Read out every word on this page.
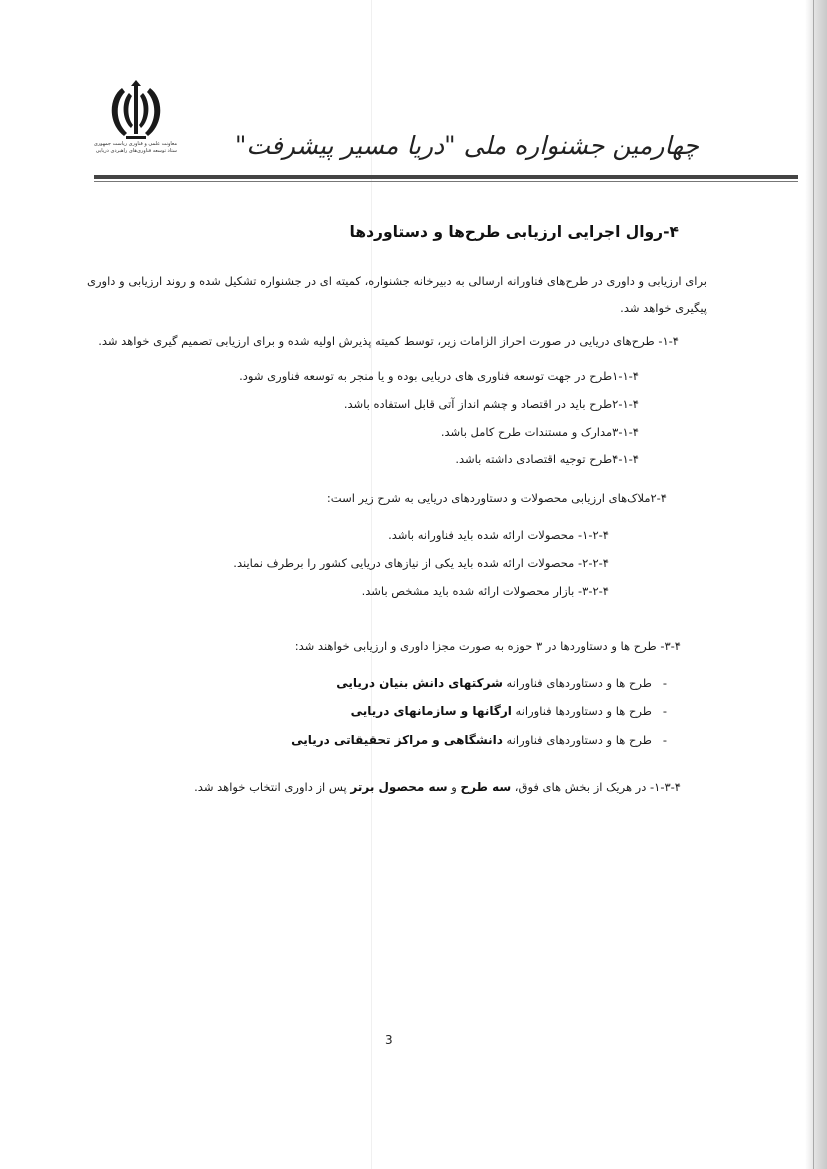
معاونت علمی و فناوری ریاست جمهوری
ستاد توسعه فناوری‌های راهبردی دریایی چهارمین جشنواره ملی "دریا مسیر پیشرفت"
۴-روال اجرایی ارزیابی طرح‌ها و دستاوردها
برای ارزیابی و داوری در طرح‌های فناورانه ارسالی به دبیرخانه جشنواره، کمیته ای در جشنواره تشکیل شده و روند ارزیابی و داوری پیگیری خواهد شد.
۱-۴- طرح‌های دریایی در صورت احراز الزامات زیر، توسط کمیته پذیرش اولیه شده و برای ارزیابی تصمیم گیری خواهد شد.
۱-۱-۴طرح در جهت توسعه فناوری های دریایی بوده و یا منجر به توسعه فناوری شود.
۲-۱-۴طرح باید در اقتصاد و چشم انداز آتی قابل استفاده باشد.
۳-۱-۴مدارک و مستندات طرح کامل باشد.
۴-۱-۴طرح توجیه اقتصادی داشته باشد.
۲-۴ملاک‌های ارزیابی محصولات و دستاوردهای دریایی به شرح زیر است:
۱-۲-۴- محصولات ارائه شده باید فناورانه باشد.
۲-۲-۴- محصولات ارائه شده باید یکی از نیازهای دریایی کشور را برطرف نمایند.
۳-۲-۴- بازار محصولات ارائه شده باید مشخص باشد.
۳-۴- طرح ها و دستاوردها در ۳ حوزه به صورت مجزا داوری و ارزیابی خواهند شد:
-   طرح ها و دستاوردهای فناورانه شرکتهای دانش بنیان دریایی
-   طرح ها و دستاوردها فناورانه ارگانها و سازمانهای دریایی
-   طرح ها و دستاوردهای فناورانه دانشگاهی و مراکز تحقیقاتی دریایی
۱-۳-۴- در هریک از بخش های فوق، سه طرح و سه محصول برتر پس از داوری انتخاب خواهد شد.
3
